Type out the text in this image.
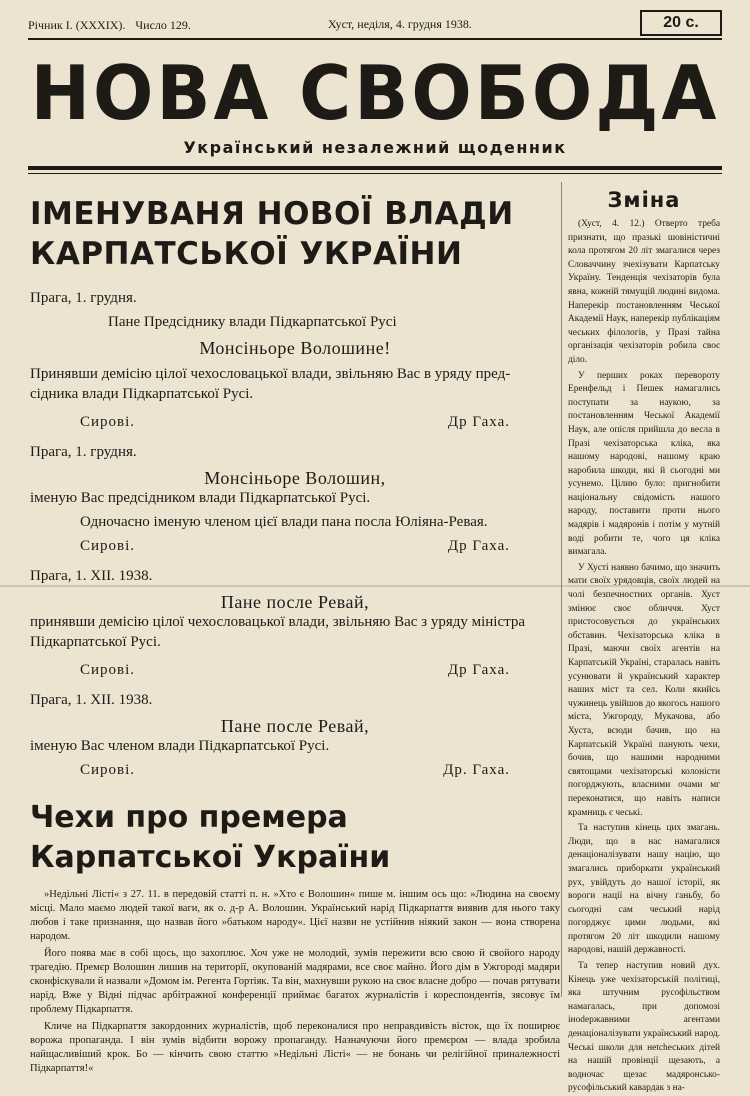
Річник І. (XXXIX). Число 129.	Хуст, неділя, 4. грудня 1938.	20 с.
НОВА СВОБОДА
Український незалежний щоденник
ІМЕНУВАНЯ НОВОЇ ВЛАДИ
КАРПАТСЬКОЇ УКРАЇНИ
Прага, 1. грудня.
Пане Предсіднику влади Підкарпатської Русі
Монсіньоре Волошине!
Принявши демісію цілої чехословацької влади, звільняю Вас в уряду пред-
сідника влади Підкарпатської Русі.
Сирові.	Др Гаха.
Прага, 1. грудня.
Монсіньоре Волошин,
іменую Вас предсідником влади Підкарпатської Русі.
Одночасно іменую членом цієї влади пана посла Юліяна-Ревая.
Сирові.	Др Гаха.
Прага, 1. XII. 1938.
Пане после Ревай,
принявши демісію цілої чехословацької влади, звільняю Вас з уряду міністра
Підкарпатської Русі.
Сирові.	Др Гаха.
Прага, 1. XII. 1938.
Пане после Ревай,
іменую Вас членом влади Підкарпатської Русі.
Сирові.	Др. Гаха.
Чехи про премера
Карпатської України

»Недільні Лісті« з 27. 11. в передовій статті п. н. »Хто є Волошин« пише м. іншим ось що: »Людина на своєму місці. Мало маємо людей такої ваги, як о. д-р А. Волошин. Український нарід Підкарпаття виявив для нього таку любов і таке признання, що назвав його »батьком народу«. Цієї назви не устійнив ніякий закон — вона створена народом.

Його поява має в собі щось, що захоплює. Хоч уже не молодий, зумів пережити всю свою й свойого народу трагедію. Премєр Волошин лишив на території, окупованій мадярами, все своє майно. Його дім в Ужгороді мадяри сконфіскували й назвали »Домом ім. Регента Гортіяк. Та він, махнувши рукою на своє власне добро — почав рятувати нарід. Вже у Відні підчас арбітражної конференції приймає багатох журналістів і кореспондентів, зясовує їм проблему Підкарпаття.

Кличе на Підкарпаття закордонних журналістів, щоб переконалися про неправдивість вісток, що їх поширює ворожа пропаганда. І він зумів відбити ворожу пропаганду. Назначуючи його премєром — влада зробила найщасливіший крок. Бо — кінчить свою статтю »Недільні Лісті« — не бонань чи релігійної приналежності Підкарпаття!«

Зміна

(Хуст, 4. 12.) Отверто треба признати, що празькі шовіністичні кола протягом 20 літ змагалися через Словаччину зчехізувати Карпатську Україну. Тенденція чехізаторів була явна, кожній тямущій людині видома. Наперекір постановленням Чеської Академії Наук, наперекір публікаціям чеських філологів, у Празі тайна організація чехізаторів робила своє діло.

У перших роках перевороту Еренфельд і Пешек намагались поступати за наукою, за постановленням Чеської Академії Наук, але опісля прийшла до весла в Празі чехізаторська кліка, яка нашому народові, нашому краю наробила шкоди, які й сьогодні ми усунемо. Цілию було: пригнобити національну свідомість нашого народу, поставити проти нього мадярів і мадяронів і потім у мутній воді робити те, чого ця кліка вимагала.

У Хусті наявно бачимо, що значить мати своїх урядовців, своїх людей на чолі безпечностних органів. Хуст змінює своє обличчя. Хуст пристосовується до українських обставин. Чехізаторська кліка в Празі, маючи своїх агентів на Карпатській Україні, старалась навіть усунювати й український характер наших міст та сел. Коли якийсь чужинець увійшов до якогось нашого міста, Ужгороду, Мукачова, або Хуста, всюди бачив, що на Карпатській Україні панують чехи, бочив, що нашими народними святощами чехізаторські колоністи погорджують, власними очами мг переконатися, що навіть написи крамниць є чеські.

Та наступив кінець цих змагань. Люди, що в нас намагалися денаціоналізувати нашу націю, що змагались приборкати український рух, увійдуть до нашої історії, як вороги нації на вічну ганьбу, бо сьогодні сам чеський нарід погорджує цими людьми, які протягом 20 літ шкодили нашому народові, нашій державності.

Та тепер наступив новий дух. Кінець уже чехізаторській політиці, яка штучним русофільством намагалась, при допомозі іноdержавними агентами денаціоналізувати український народ. Чеські школи для неtchеських дітей на нашій провінції щезають, а водночас щезає мадяронсько-русофільський кавардак з на-
